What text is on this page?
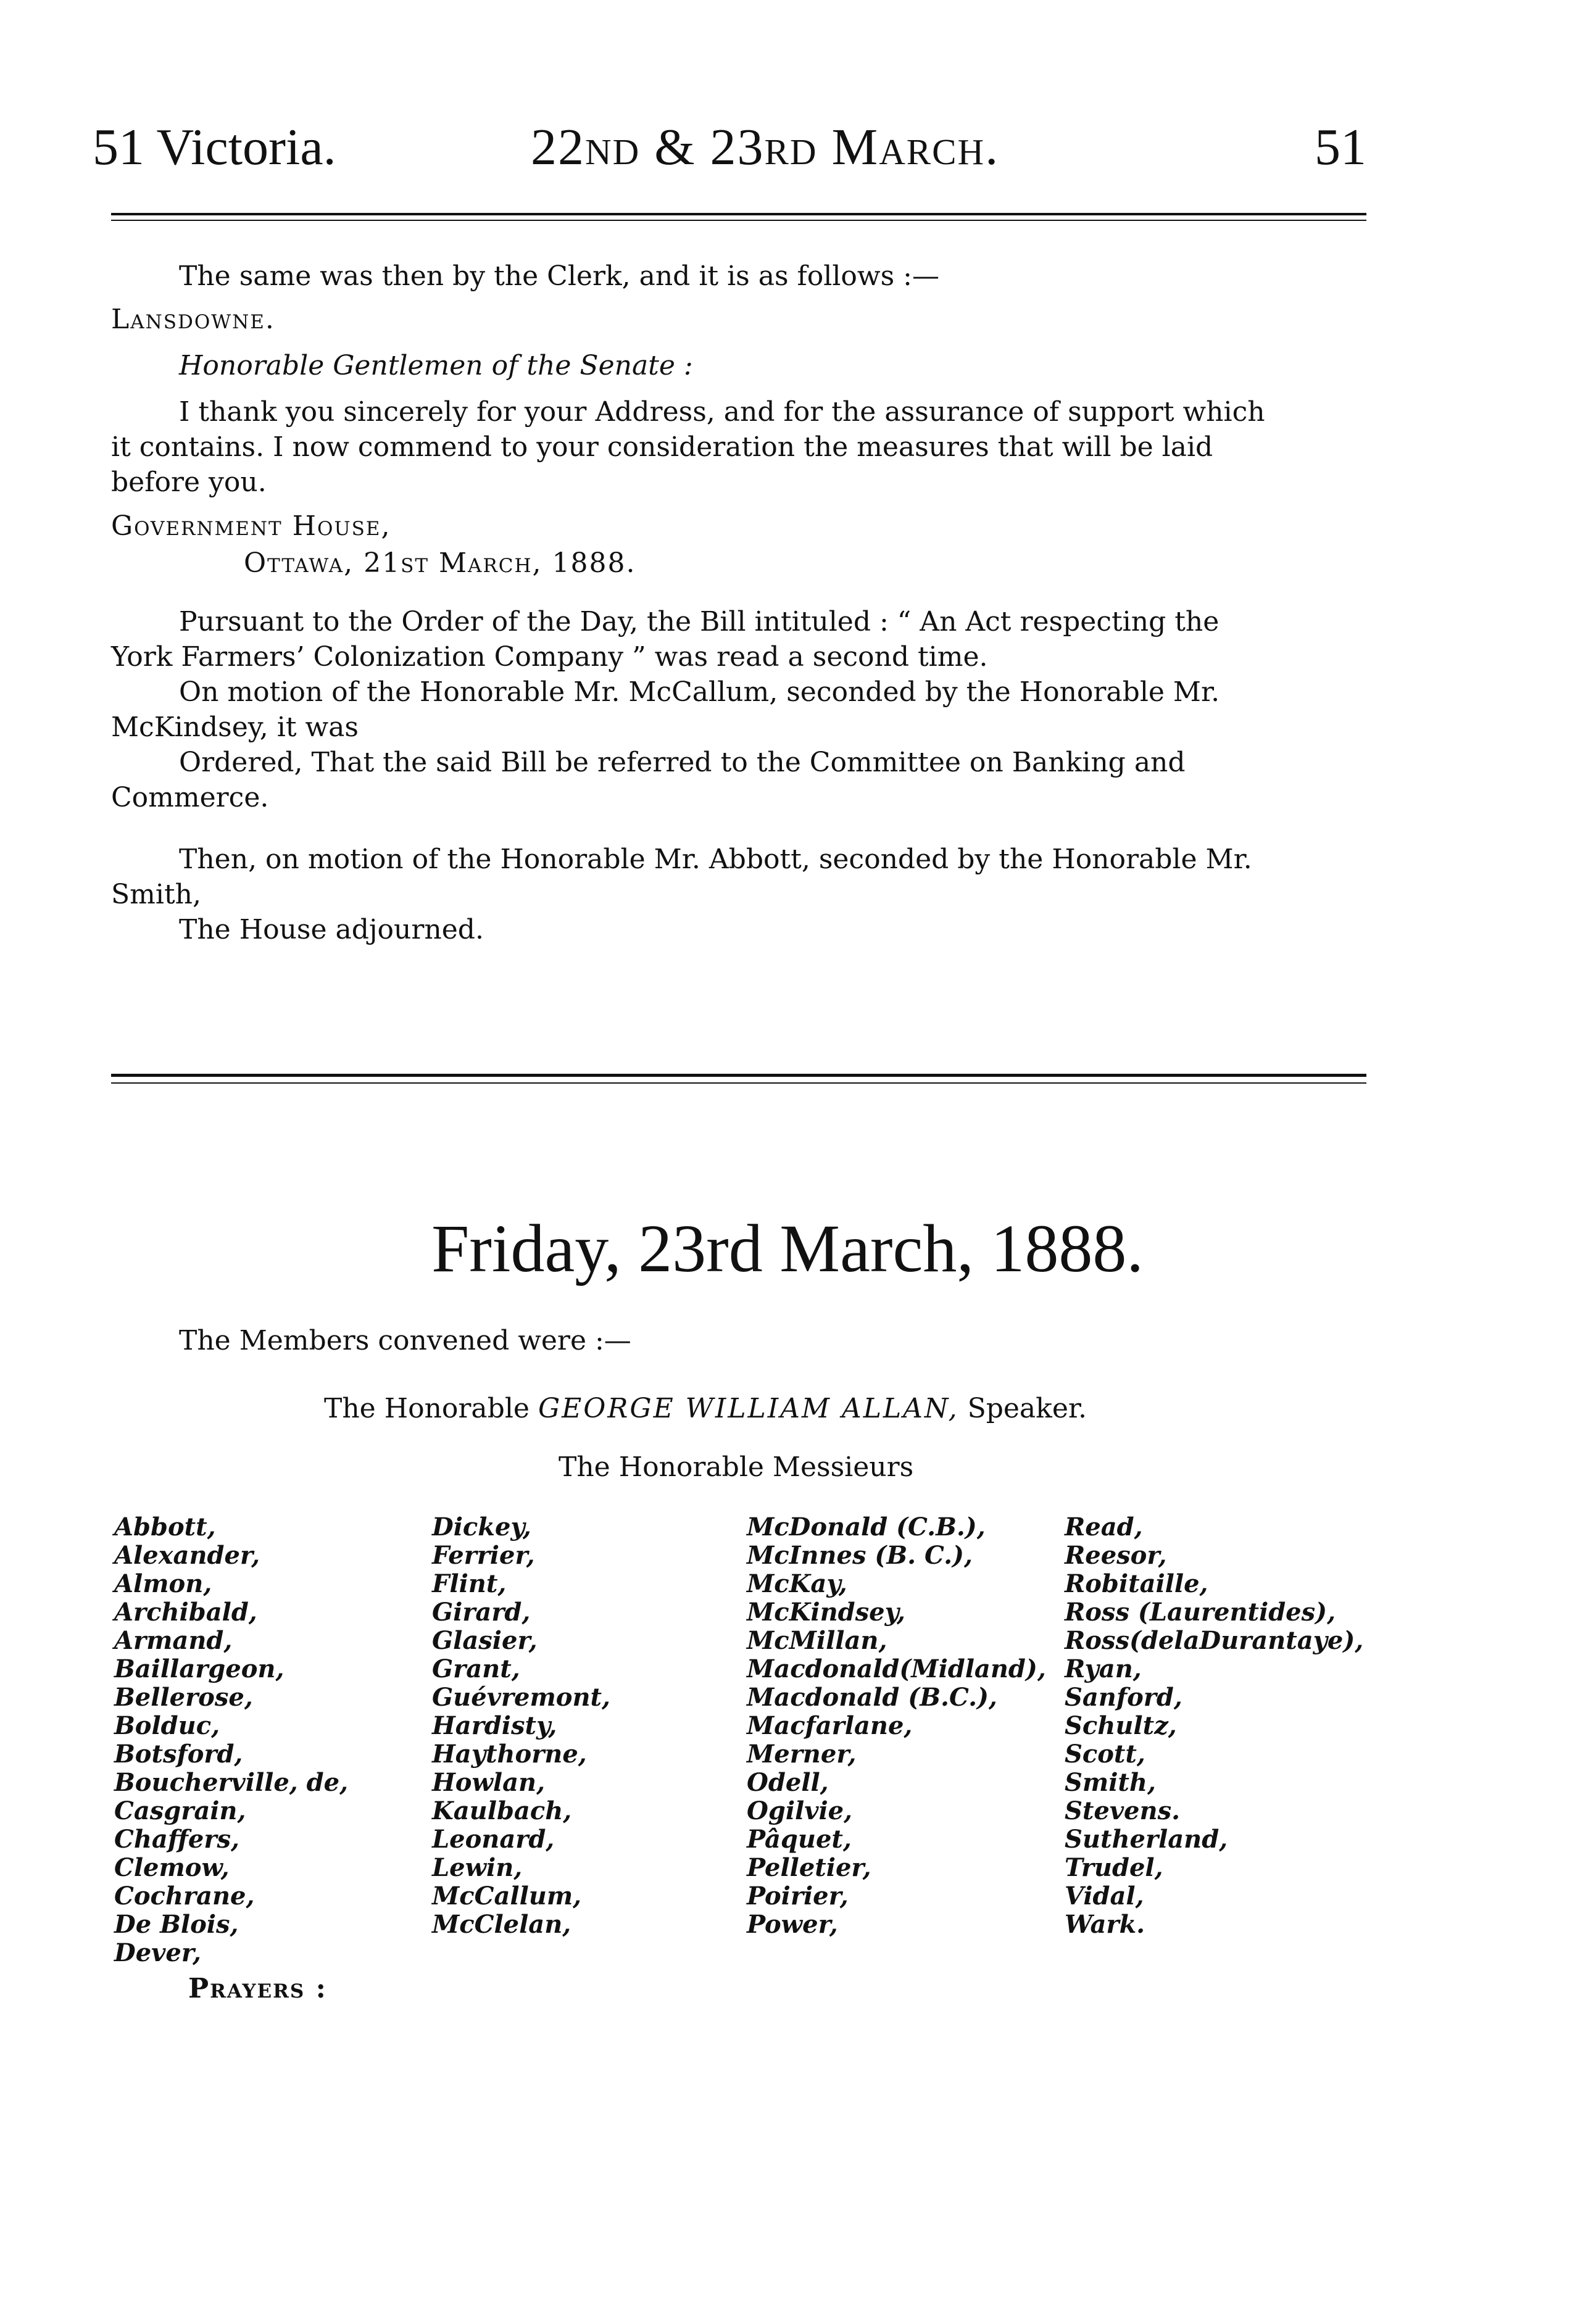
51 Victoria.	22nd & 23rd March.	51
The same was then by the Clerk, and it is as follows :—
Lansdowne.
Honorable Gentlemen of the Senate :
I thank you sincerely for your Address, and for the assurance of support which
it contains. I now commend to your consideration the measures that will be laid
before you.
Government House,
Ottawa, 21st March, 1888.
Pursuant to the Order of the Day, the Bill intituled : “ An Act respecting the
York Farmers’ Colonization Company ” was read a second time.
On motion of the Honorable Mr. McCallum, seconded by the Honorable Mr.
McKindsey, it was
Ordered, That the said Bill be referred to the Committee on Banking and
Commerce.
Then, on motion of the Honorable Mr. Abbott, seconded by the Honorable Mr.
Smith,
The House adjourned.
Friday, 23rd March, 1888.
The Members convened were :—
The Honorable GEORGE WILLIAM ALLAN, Speaker.
The Honorable Messieurs
Abbott,
Alexander,
Almon,
Archibald,
Armand,
Baillargeon,
Bellerose,
Bolduc,
Botsford,
Boucherville, de,
Casgrain,
Chaffers,
Clemow,
Cochrane,
De Blois,
Dever,
Dickey,
Ferrier,
Flint,
Girard,
Glasier,
Grant,
Guévremont,
Hardisty,
Haythorne,
Howlan,
Kaulbach,
Leonard,
Lewin,
McCallum,
McClelan,
McDonald (C.B.),
McInnes (B. C.),
McKay,
McKindsey,
McMillan,
Macdonald(Midland),
Macdonald (B.C.),
Macfarlane,
Merner,
Odell,
Ogilvie,
Pâquet,
Pelletier,
Poirier,
Power,
Read,
Reesor,
Robitaille,
Ross (Laurentides),
Ross(delaDurantaye),
Ryan,
Sanford,
Schultz,
Scott,
Smith,
Stevens.
Sutherland,
Trudel,
Vidal,
Wark.
Prayers :
